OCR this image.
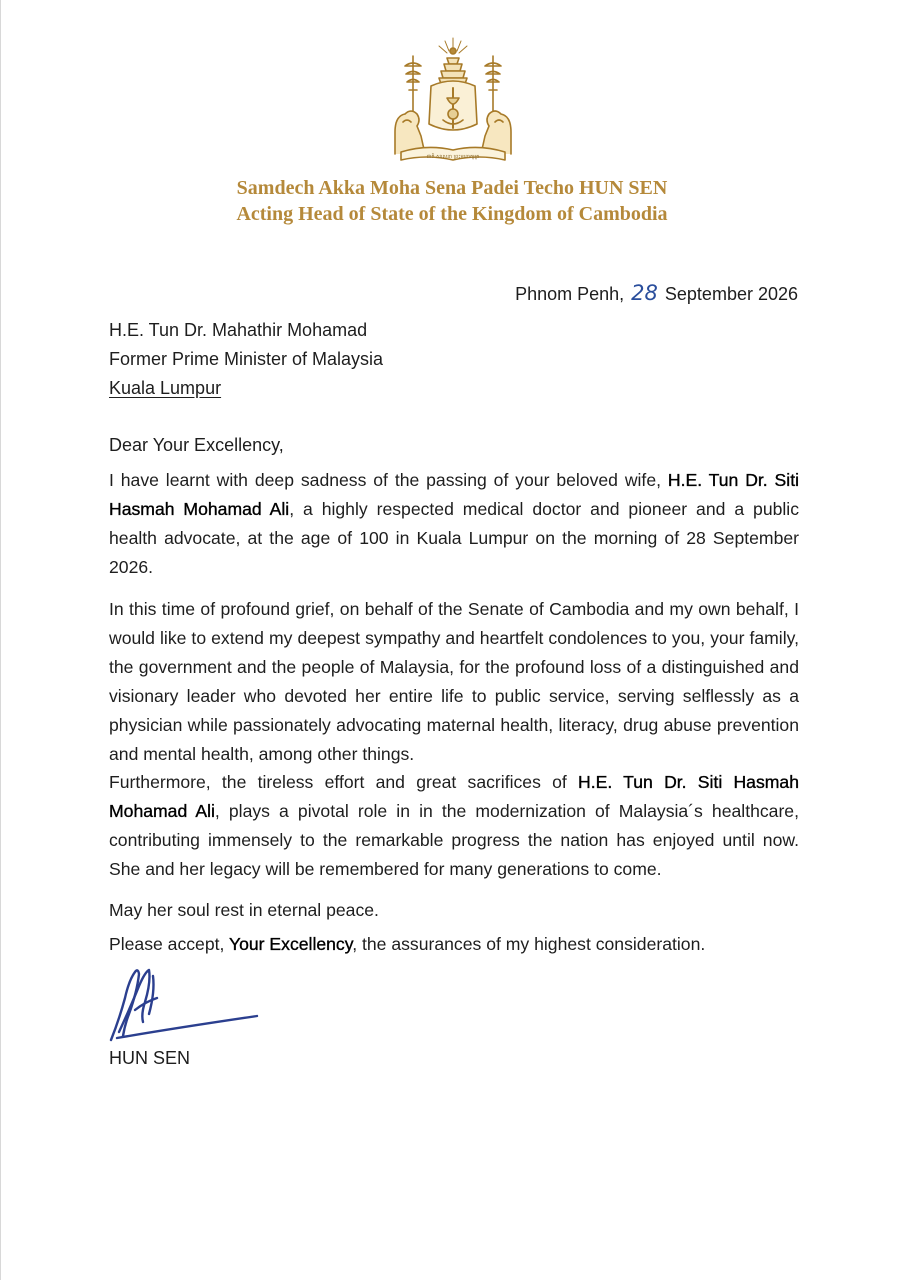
ជាតិ សាសនា ព្រះមហាក្សត្រ
Samdech Akka Moha Sena Padei Techo HUN SEN
Acting Head of State of the Kingdom of Cambodia
Phnom Penh, 28 September 2026
H.E. Tun Dr. Mahathir Mohamad
Former Prime Minister of Malaysia
Kuala Lumpur
Dear Your Excellency,

I have learnt with deep sadness of the passing of your beloved wife, H.E. Tun Dr. Siti Hasmah Mohamad Ali, a highly respected medical doctor and pioneer and a public health advocate, at the age of 100 in Kuala Lumpur on the morning of 28 September 2026.

In this time of profound grief, on behalf of the Senate of Cambodia and my own behalf, I would like to extend my deepest sympathy and heartfelt condolences to you, your family, the government and the people of Malaysia, for the profound loss of a distinguished and visionary leader who devoted her entire life to public service, serving selflessly as a physician while passionately advocating maternal health, literacy, drug abuse prevention and mental health, among other things.

Furthermore, the tireless effort and great sacrifices of H.E. Tun Dr. Siti Hasmah Mohamad Ali, plays a pivotal role in in the modernization of Malaysia´s healthcare, contributing immensely to the remarkable progress the nation has enjoyed until now. She and her legacy will be remembered for many generations to come.

May her soul rest in eternal peace.

Please accept, Your Excellency, the assurances of my highest consideration.

HUN SEN
